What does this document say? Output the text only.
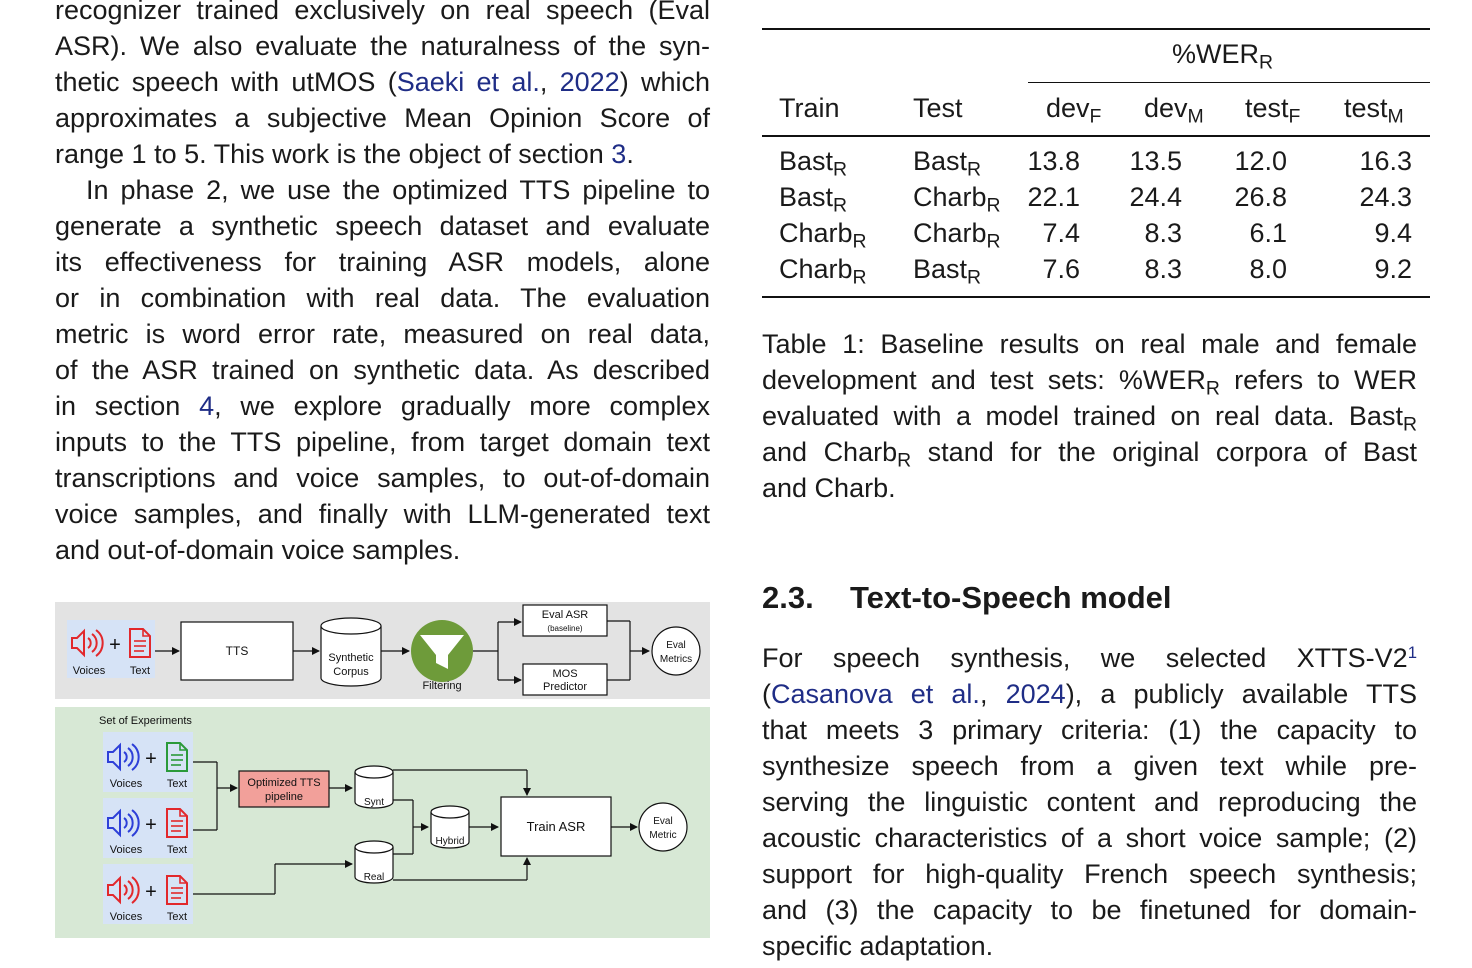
recognizer trained exclusively on real speech (Eval
ASR). We also evaluate the naturalness of the syn-
thetic speech with utMOS (Saeki et al., 2022) which
approximates a subjective Mean Opinion Score of
range 1 to 5. This work is the object of section 3.

In phase 2, we use the optimized TTS pipeline to
generate a synthetic speech dataset and evaluate
its effectiveness for training ASR models, alone
or in combination with real data. The evaluation
metric is word error rate, measured on real data,
of the ASR trained on synthetic data. As described
in section 4, we explore gradually more complex
inputs to the TTS pipeline, from target domain text
transcriptions and voice samples, to out-of-domain
voice samples, and finally with LLM-generated text
and out-of-domain voice samples.

+
Voices Text
TTS	Synthetic
Corpus
Filtering
Eval ASR
(baseline)
MOS
Predictor
Eval
Metrics
Set of Experiments
+
Voices Text
+
Voices Text
+
Voices Text
Optimized TTS
pipeline	Synt
Real
Hybrid
Train ASR	Eval
Metric
$\%WER_R$
Train	Test	dev$_F$ dev$_M$ test$_F$ test$_M$
Bast$_R$ Bast$_R$	13.8	13.5	12.0	16.3
Bast$_R$ Charb$_R$ 22.1	24.4	26.8	24.3
Charb$_R$ Charb$_R$	7.4	8.3	6.1	9.4
Charb$_R$ Bast$_R$	7.6	8.3	8.0	9.2
Table 1: Baseline results on real male and female
development and test sets: $\%WER_R$ refers to WER
evaluated with a model trained on real data. Bast$_R$
and Charb$_R$ stand for the original corpora of Bast
and Charb.
2.3. Text-to-Speech model

For speech synthesis, we selected XTTS-V2$^1$
(Casanova et al., 2024), a publicly available TTS
that meets 3 primary criteria: (1) the capacity to
synthesize speech from a given text while pre-
serving the linguistic content and reproducing the
acoustic characteristics of a short voice sample; (2)
support for high-quality French speech synthesis;
and (3) the capacity to be finetuned for domain-
specific adaptation.
